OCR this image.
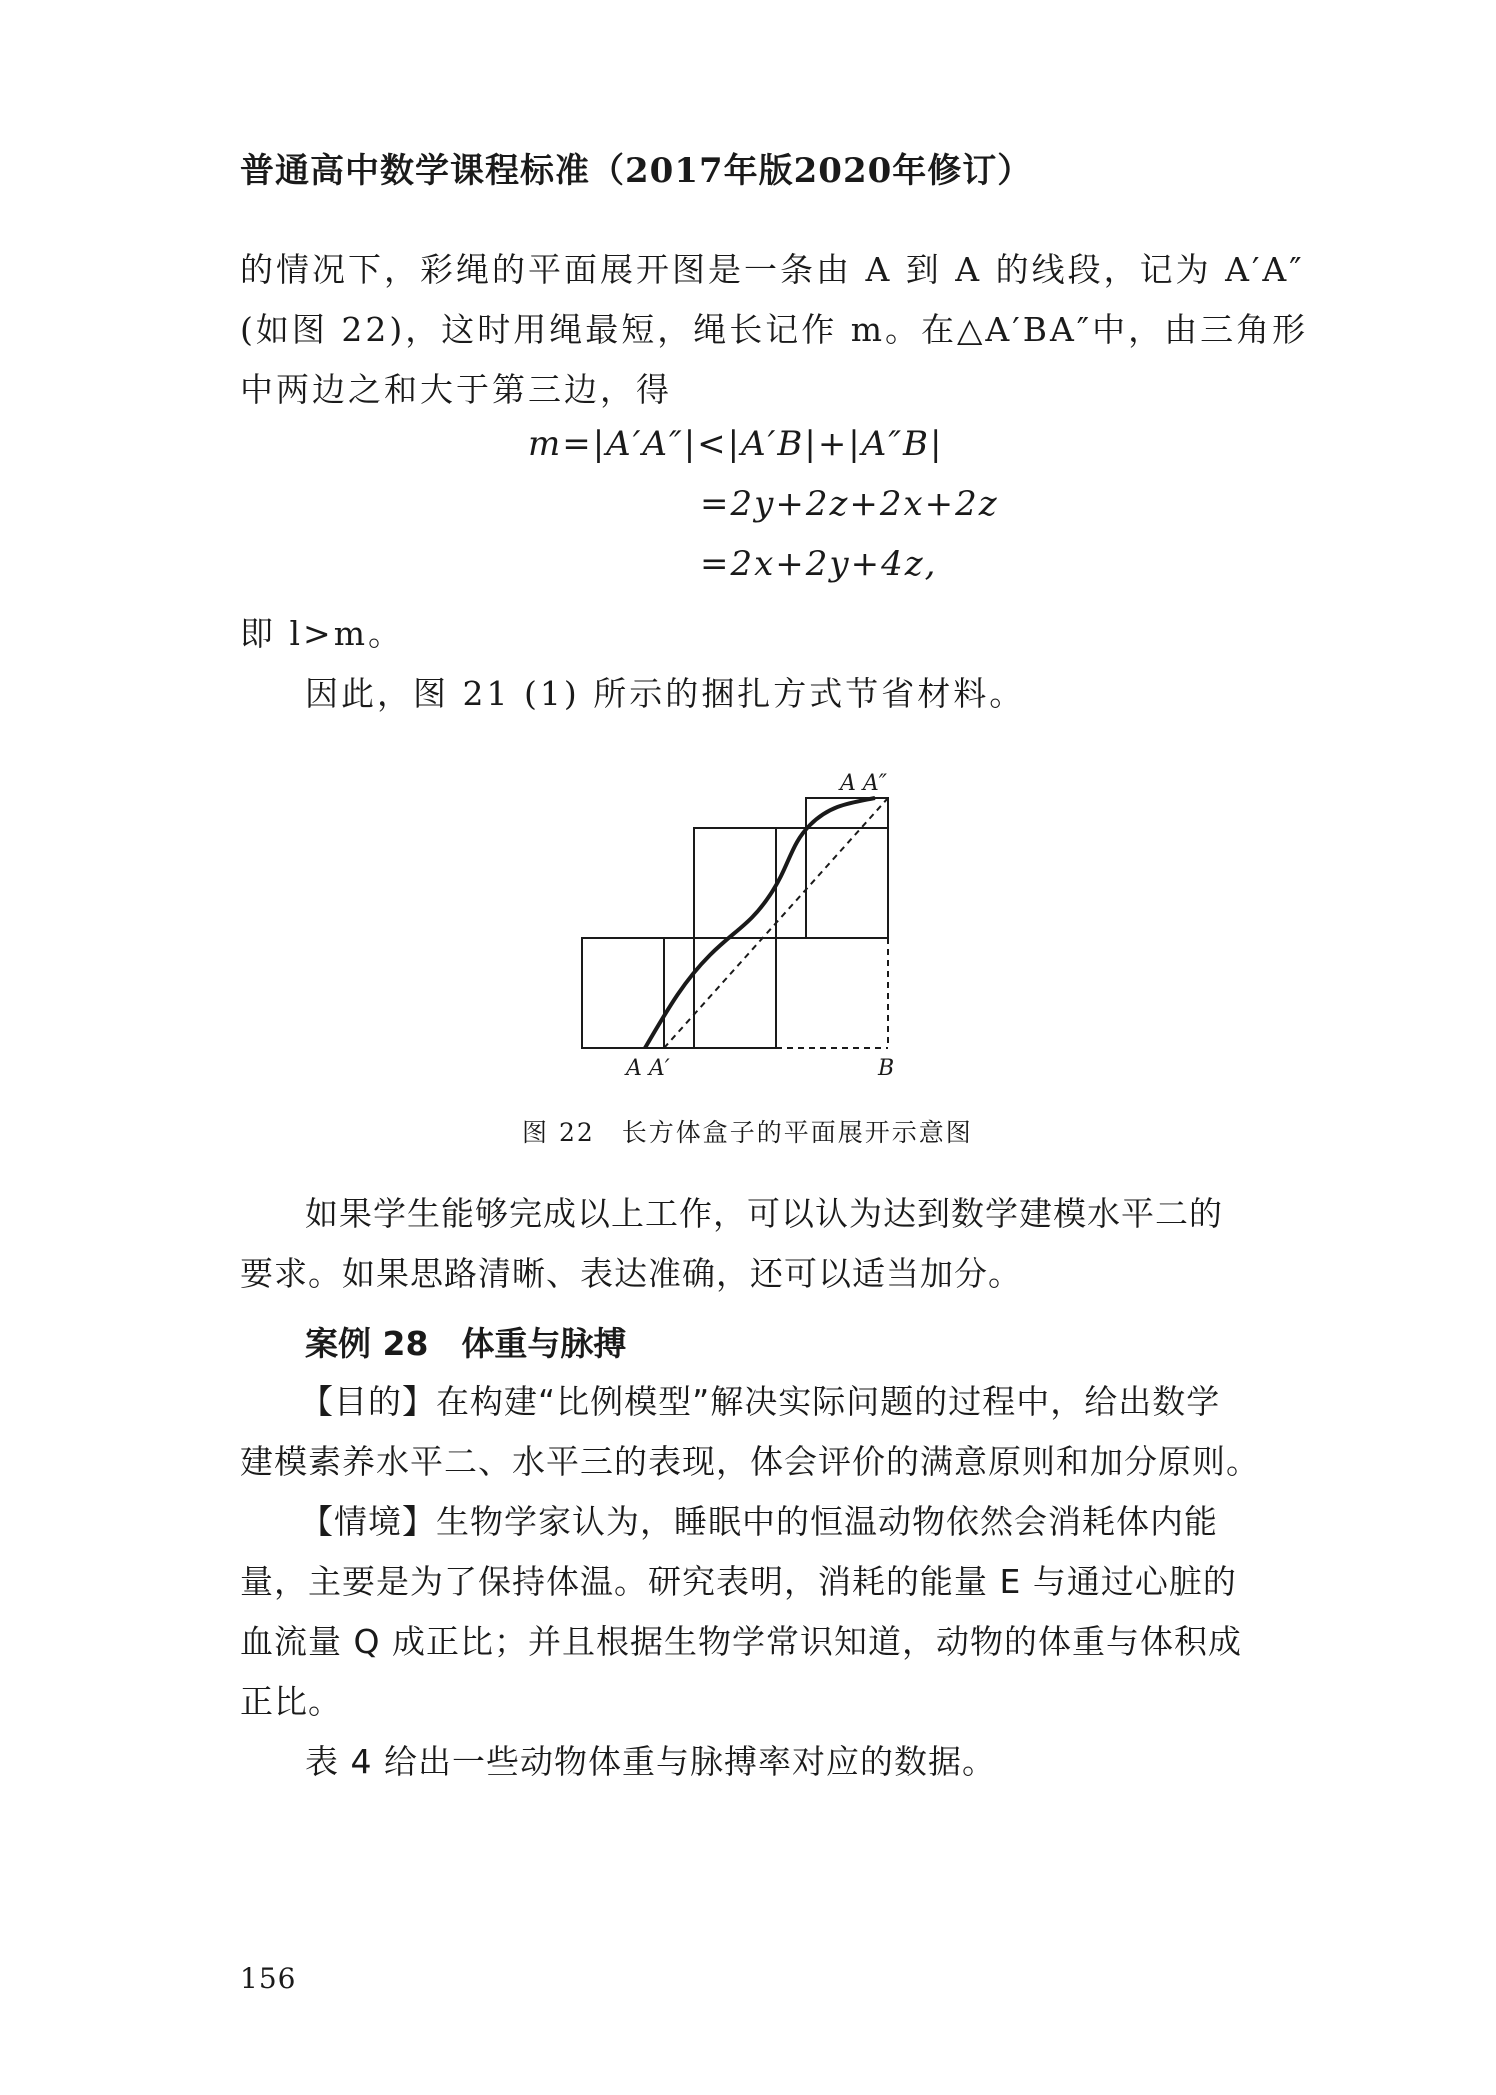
普通高中数学课程标准（2017年版2020年修订）
的情况下，彩绳的平面展开图是一条由 A 到 A 的线段，记为 A′A″
(如图 22)，这时用绳最短，绳长记作 m。在△A′BA″中，由三角形
中两边之和大于第三边，得
m=|A′A″|<|A′B|+|A″B|
=2y+2z+2x+2z
=2x+2y+4z,
即 l>m。
因此，图 21 (1) 所示的捆扎方式节省材料。
A A″
A A′	B
图 22　长方体盒子的平面展开示意图
如果学生能够完成以上工作，可以认为达到数学建模水平二的
要求。如果思路清晰、表达准确，还可以适当加分。
案例 28　体重与脉搏
【目的】在构建“比例模型”解决实际问题的过程中，给出数学
建模素养水平二、水平三的表现，体会评价的满意原则和加分原则。
【情境】生物学家认为，睡眠中的恒温动物依然会消耗体内能
量，主要是为了保持体温。研究表明，消耗的能量 E 与通过心脏的
血流量 Q 成正比；并且根据生物学常识知道，动物的体重与体积成
正比。
表 4 给出一些动物体重与脉搏率对应的数据。
156
